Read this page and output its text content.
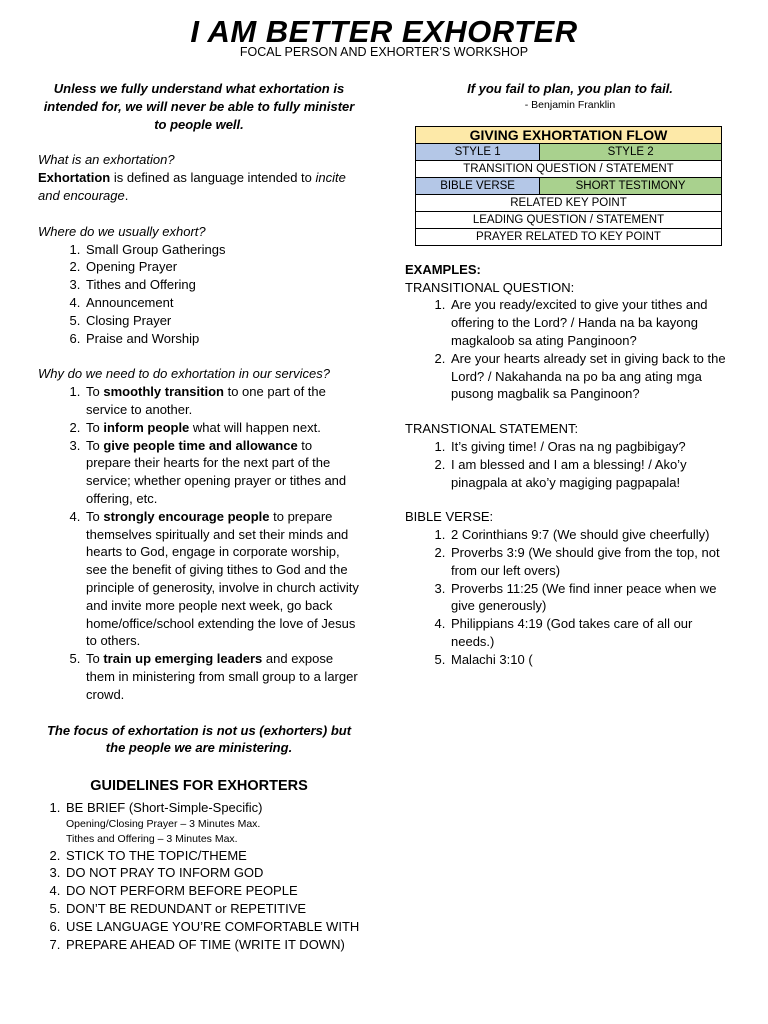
I AM BETTER EXHORTER
FOCAL PERSON AND EXHORTER’S WORKSHOP

Unless we fully understand what exhortation is intended for, we will never be able to fully minister to people well.

What is an exhortation?

Exhortation is defined as language intended to incite and encourage.

Where do we usually exhort?

1. Small Group Gatherings
2. Opening Prayer
3. Tithes and Offering
4. Announcement
5. Closing Prayer
6. Praise and Worship

Why do we need to do exhortation in our services?

1. To smoothly transition to one part of the service to another.
2. To inform people what will happen next.
3. To give people time and allowance to prepare their hearts for the next part of the service; whether opening prayer or tithes and offering, etc.
4. To strongly encourage people to prepare themselves spiritually and set their minds and hearts to God, engage in corporate worship, see the benefit of giving tithes to God and the principle of generosity, involve in church activity and invite more people next week, go back home/office/school extending the love of Jesus to others.
5. To train up emerging leaders and expose them in ministering from small group to a larger crowd.

The focus of exhortation is not us (exhorters) but the people we are ministering.

GUIDELINES FOR EXHORTERS
1. BE BRIEF (Short-Simple-Specific)
Opening/Closing Prayer – 3 Minutes Max.
Tithes and Offering – 3 Minutes Max.
2. STICK TO THE TOPIC/THEME
3. DO NOT PRAY TO INFORM GOD
4. DO NOT PERFORM BEFORE PEOPLE
5. DON’T BE REDUNDANT or REPETITIVE
6. USE LANGUAGE YOU’RE COMFORTABLE WITH
7. PREPARE AHEAD OF TIME (WRITE IT DOWN)

If you fail to plan, you plan to fail.

- Benjamin Franklin

GIVING EXHORTATION FLOW	
STYLE 1	STYLE 2
TRANSITION QUESTION / STATEMENT	
BIBLE VERSE	SHORT TESTIMONY
RELATED KEY POINT	
LEADING QUESTION / STATEMENT	
PRAYER RELATED TO KEY POINT	

EXAMPLES:

TRANSITIONAL QUESTION:

1. Are you ready/excited to give your tithes and offering to the Lord? / Handa na ba kayong magkaloob sa ating Panginoon?
2. Are your hearts already set in giving back to the Lord? / Nakahanda na po ba ang ating mga pusong magbalik sa Panginoon?

TRANSTIONAL STATEMENT:

1. It’s giving time! / Oras na ng pagbibigay?
2. I am blessed and I am a blessing! / Ako’y pinagpala at ako’y magiging pagpapala!

BIBLE VERSE:

1. 2 Corinthians 9:7 (We should give cheerfully)
2. Proverbs 3:9 (We should give from the top, not from our left overs)
3. Proverbs 11:25 (We find inner peace when we give generously)
4. Philippians 4:19 (God takes care of all our needs.)
5. Malachi 3:10 (
